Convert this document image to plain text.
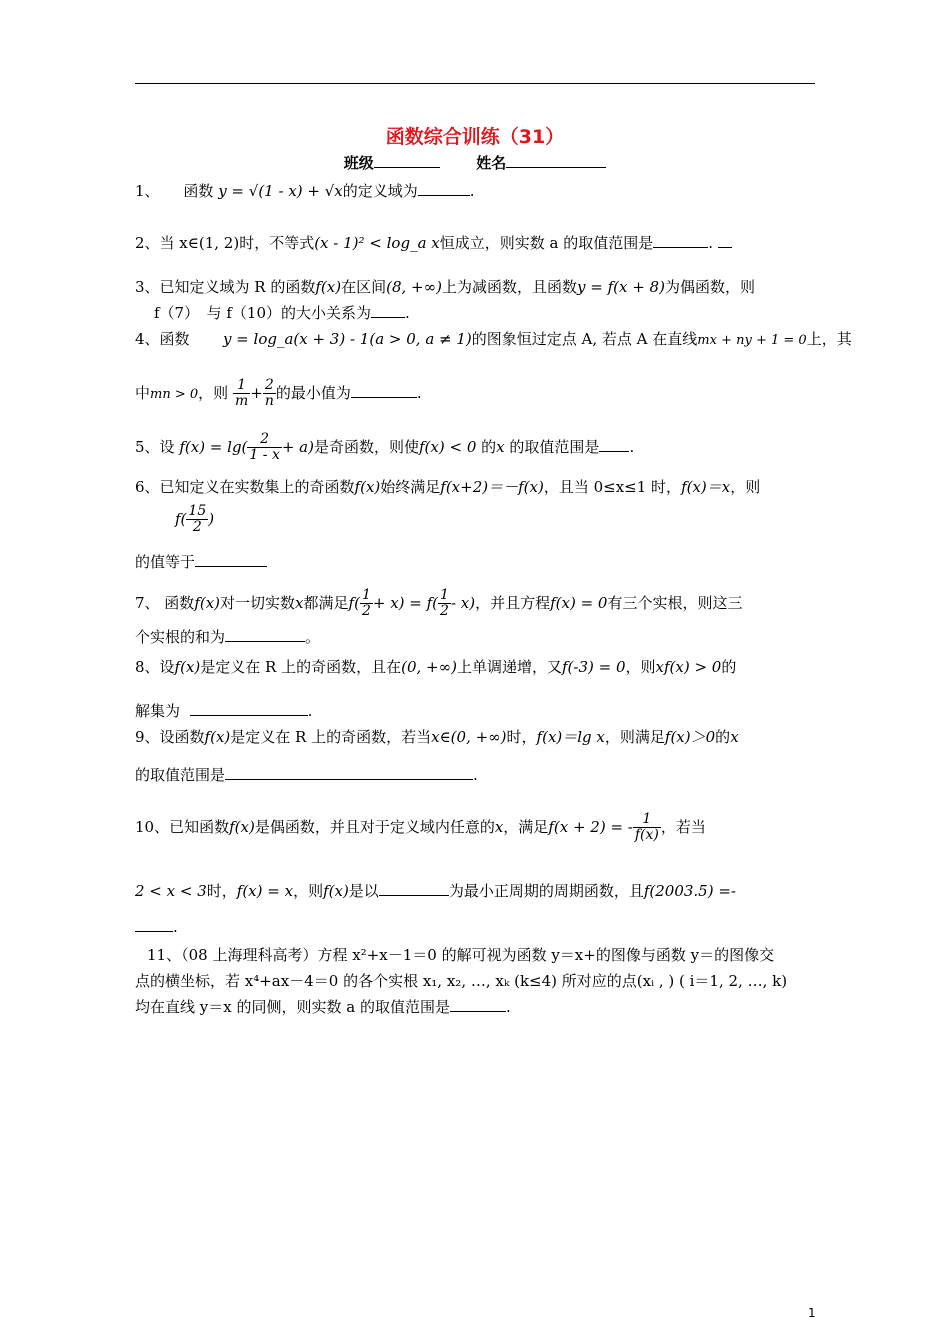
函数综合训练（31）
班级	姓名
1、 函数 y = √(1 - x) + √x的定义域为	.
2、当 x∈(1, 2)时，不等式(x - 1)² < log_a x恒成立，则实数 a 的取值范围是	.
3、已知定义域为 R 的函数f(x)在区间(8, +∞)上为减函数，且函数y = f(x + 8)为偶函数，则
f（7）　与 f（10）的大小关系为 .
4、函数 y = log_a(x + 3) - 1(a > 0, a ≠ 1)的图象恒过定点 A, 若点 A 在直线mx + ny + 1 = 0上，其
中mn > 0，则 $\frac{1}{m} + \frac{2}{n}$ 的最小值为	.
5、设 $f(x) = \lg( \frac{2}{1 - x} + a)$是奇函数，则使f(x) < 0 的x 的取值范围是 .
6、已知定义在实数集上的奇函数f(x)始终满足f(x+2)＝－f(x)，且当 0≤x≤1 时，f(x)＝x，则
$f( \frac{15}{2}$ )
的值等于
7、 函数f(x)对一切实数x都满足$f( \frac{1}{2} + x) = f( \frac{1}{2} - x)$，并且方程f(x) = 0有三个实根，则这三
个实根的和为	。
8、设f(x)是定义在 R 上的奇函数，且在(0, +∞)上单调递增，又f(-3) = 0，则xf(x) > 0的
解集为	.
9、设函数f(x)是定义在 R 上的奇函数，若当x∈(0, +∞)时，f(x)＝lg x，则满足f(x)＞0的x
的取值范围是	.
10、已知函数f(x)是偶函数，并且对于定义域内任意的x，满足f(x + 2) = - $\frac{1}{f(x)}$ ，若当
2 < x < 3时，f(x) = x，则f(x)是以	为最小正周期的周期函数，且f(2003.5) =-
.
11、（08 上海理科高考）方程 x²+x－1＝0 的解可视为函数 y＝x+的图像与函数 y＝的图像交
点的横坐标，若 x⁴+ax－4＝0 的各个实根 x₁, x₂, …, xₖ (k≤4) 所对应的点(xᵢ , ) ( i＝1, 2, …, k)
均在直线 y＝x 的同侧，则实数 a 的取值范围是	.
1
